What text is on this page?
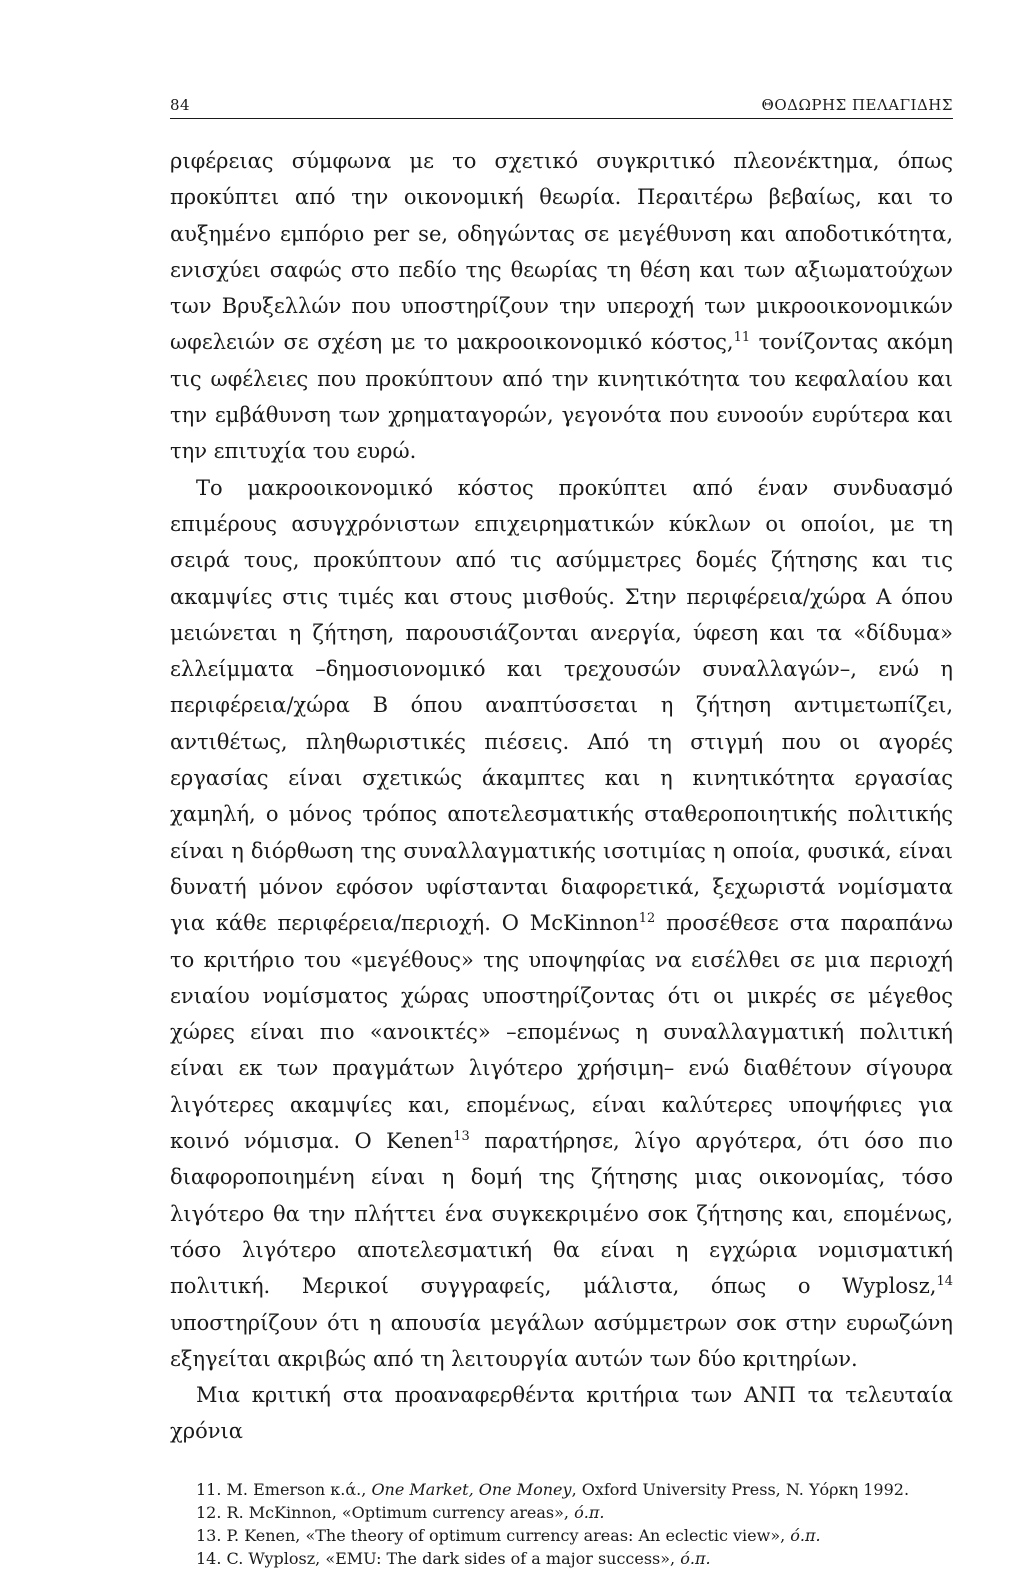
84	ΘΟΔΩΡΗΣ ΠΕΛΑΓΙΔΗΣ

ριφέρειας σύμφωνα με το σχετικό συγκριτικό πλεονέκτημα, όπως προκύπτει από την οικονομική θεωρία. Περαιτέρω βεβαίως, και το αυξημένο εμπόριο per se, οδηγώντας σε μεγέθυνση και αποδοτικότητα, ενισχύει σαφώς στο πεδίο της θεωρίας τη θέση και των αξιωματούχων των Βρυξελλών που υποστηρίζουν την υπεροχή των μικροοικονομικών ωφελειών σε σχέση με το μακροοικονομικό κόστος,$^{11}$ τονίζοντας ακόμη τις ωφέλειες που προκύπτουν από την κινητικότητα του κεφαλαίου και την εμβάθυνση των χρηματαγορών, γεγονότα που ευνοούν ευρύτερα και την επιτυχία του ευρώ.

Το μακροοικονομικό κόστος προκύπτει από έναν συνδυασμό επιμέρους ασυγχρόνιστων επιχειρηματικών κύκλων οι οποίοι, με τη σειρά τους, προκύπτουν από τις ασύμμετρες δομές ζήτησης και τις ακαμψίες στις τιμές και στους μισθούς. Στην περιφέρεια/χώρα Α όπου μειώνεται η ζήτηση, παρουσιάζονται ανεργία, ύφεση και τα «δίδυμα» ελλείμματα –δημοσιονομικό και τρεχουσών συναλλαγών–, ενώ η περιφέρεια/χώρα Β όπου αναπτύσσεται η ζήτηση αντιμετωπίζει, αντιθέτως, πληθωριστικές πιέσεις. Από τη στιγμή που οι αγορές εργασίας είναι σχετικώς άκαμπτες και η κινητικότητα εργασίας χαμηλή, ο μόνος τρόπος αποτελεσματικής σταθεροποιητικής πολιτικής είναι η διόρθωση της συναλλαγματικής ισοτιμίας η οποία, φυσικά, είναι δυνατή μόνον εφόσον υφίστανται διαφορετικά, ξεχωριστά νομίσματα για κάθε περιφέρεια/περιοχή. Ο McKinnon$^{12}$ προσέθεσε στα παραπάνω το κριτήριο του «μεγέθους» της υποψηφίας να εισέλθει σε μια περιοχή ενιαίου νομίσματος χώρας υποστηρίζοντας ότι οι μικρές σε μέγεθος χώρες είναι πιο «ανοικτές» –επομένως η συναλλαγματική πολιτική είναι εκ των πραγμάτων λιγότερο χρήσιμη– ενώ διαθέτουν σίγουρα λιγότερες ακαμψίες και, επομένως, είναι καλύτερες υποψήφιες για κοινό νόμισμα. Ο Kenen$^{13}$ παρατήρησε, λίγο αργότερα, ότι όσο πιο διαφοροποιημένη είναι η δομή της ζήτησης μιας οικονομίας, τόσο λιγότερο θα την πλήττει ένα συγκεκριμένο σοκ ζήτησης και, επομένως, τόσο λιγότερο αποτελεσματική θα είναι η εγχώρια νομισματική πολιτική. Μερικοί συγγραφείς, μάλιστα, όπως ο Wyplosz,$^{14}$ υποστηρίζουν ότι η απουσία μεγάλων ασύμμετρων σοκ στην ευρωζώνη εξηγείται ακριβώς από τη λειτουργία αυτών των δύο κριτηρίων.

Μια κριτική στα προαναφερθέντα κριτήρια των ΑΝΠ τα τελευταία χρόνια

11. M. Emerson κ.ά., One Market, One Money, Oxford University Press, N. Υόρκη 1992.

12. R. McKinnon, «Optimum currency areas», ό.π.

13. P. Kenen, «The theory of optimum currency areas: An eclectic view», ό.π.

14. C. Wyplosz, «EMU: The dark sides of a major success», ό.π.
